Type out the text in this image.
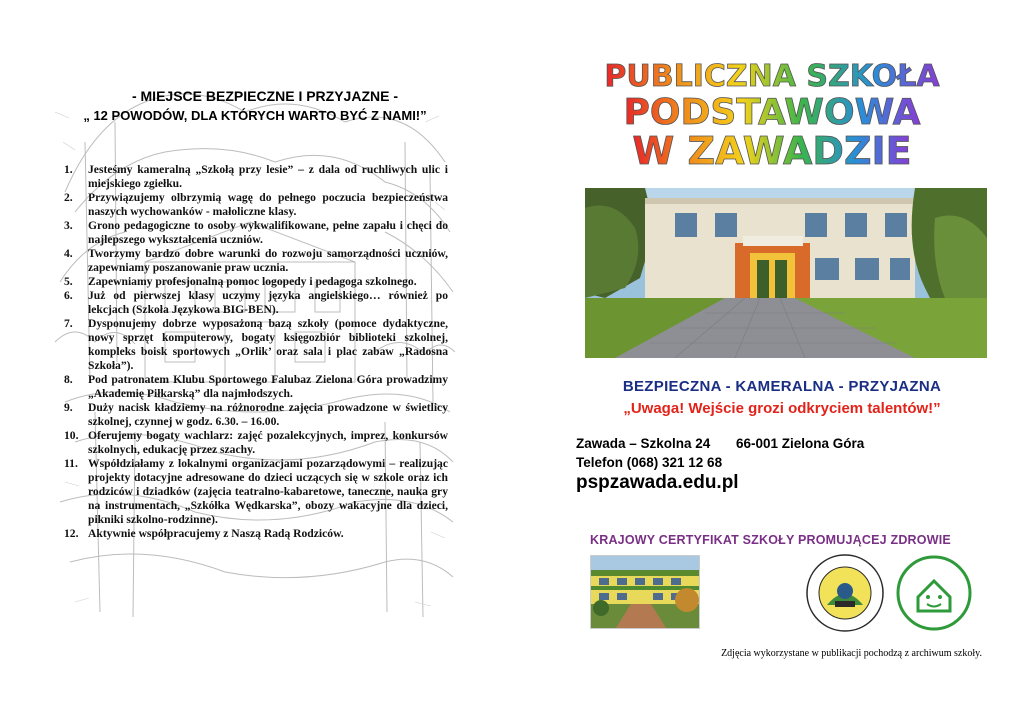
- MIEJSCE BEZPIECZNE I PRZYJAZNE -
„ 12 POWODÓW, DLA KTÓRYCH WARTO BYĆ Z NAMI!”
1. Jesteśmy kameralną „Szkołą przy lesie” – z dala od ruchliwych ulic i miejskiego zgiełku.
2. Przywiązujemy olbrzymią wagę do pełnego poczucia bezpieczeństwa naszych wychowanków - małoliczne klasy.
3. Grono pedagogiczne to osoby wykwalifikowane, pełne zapału i chęci do najlepszego wykształcenia uczniów.
4. Tworzymy bardzo dobre warunki do rozwoju samorządności uczniów, zapewniamy poszanowanie praw ucznia.
5. Zapewniamy profesjonalną pomoc logopedy i pedagoga szkolnego.
6. Już od pierwszej klasy uczymy języka angielskiego… również po lekcjach (Szkoła Językowa BIG-BEN).
7. Dysponujemy dobrze wyposażoną bazą szkoły (pomoce dydaktyczne, nowy sprzęt komputerowy, bogaty księgozbiór biblioteki szkolnej, kompleks boisk sportowych „Orlik’ oraz sala i plac zabaw „Radosna Szkoła”).
8. Pod patronatem Klubu Sportowego Falubaz Zielona Góra prowadzimy „Akademię Piłkarską” dla najmłodszych.
9. Duży nacisk kładziemy na różnorodne zajęcia prowadzone w świetlicy szkolnej, czynnej w godz. 6.30. – 16.00.
10. Oferujemy bogaty wachlarz: zajęć pozalekcyjnych, imprez, konkursów szkolnych, edukację przez szachy.
11. Współdziałamy z lokalnymi organizacjami pozarządowymi – realizując projekty dotacyjne adresowane do dzieci uczących się w szkole oraz ich rodziców i dziadków (zajęcia teatralno-kabaretowe, taneczne, nauka gry na instrumentach, „Szkółka Wędkarska”, obozy wakacyjne dla dzieci, pikniki szkolno-rodzinne).
12. Aktywnie współpracujemy z Naszą Radą Rodziców.
PUBLICZNA SZKOŁA
PODSTAWOWA
W ZAWADZIE
BEZPIECZNA - KAMERALNA - PRZYJAZNA
„Uwaga! Wejście grozi odkryciem talentów!”
Zawada – Szkolna 24 66-001 Zielona Góra
Telefon (068) 321 12 68
pspzawada.edu.pl
KRAJOWY CERTYFIKAT SZKOŁY PROMUJĄCEJ ZDROWIE
Zdjęcia wykorzystane w publikacji pochodzą z archiwum szkoły.
